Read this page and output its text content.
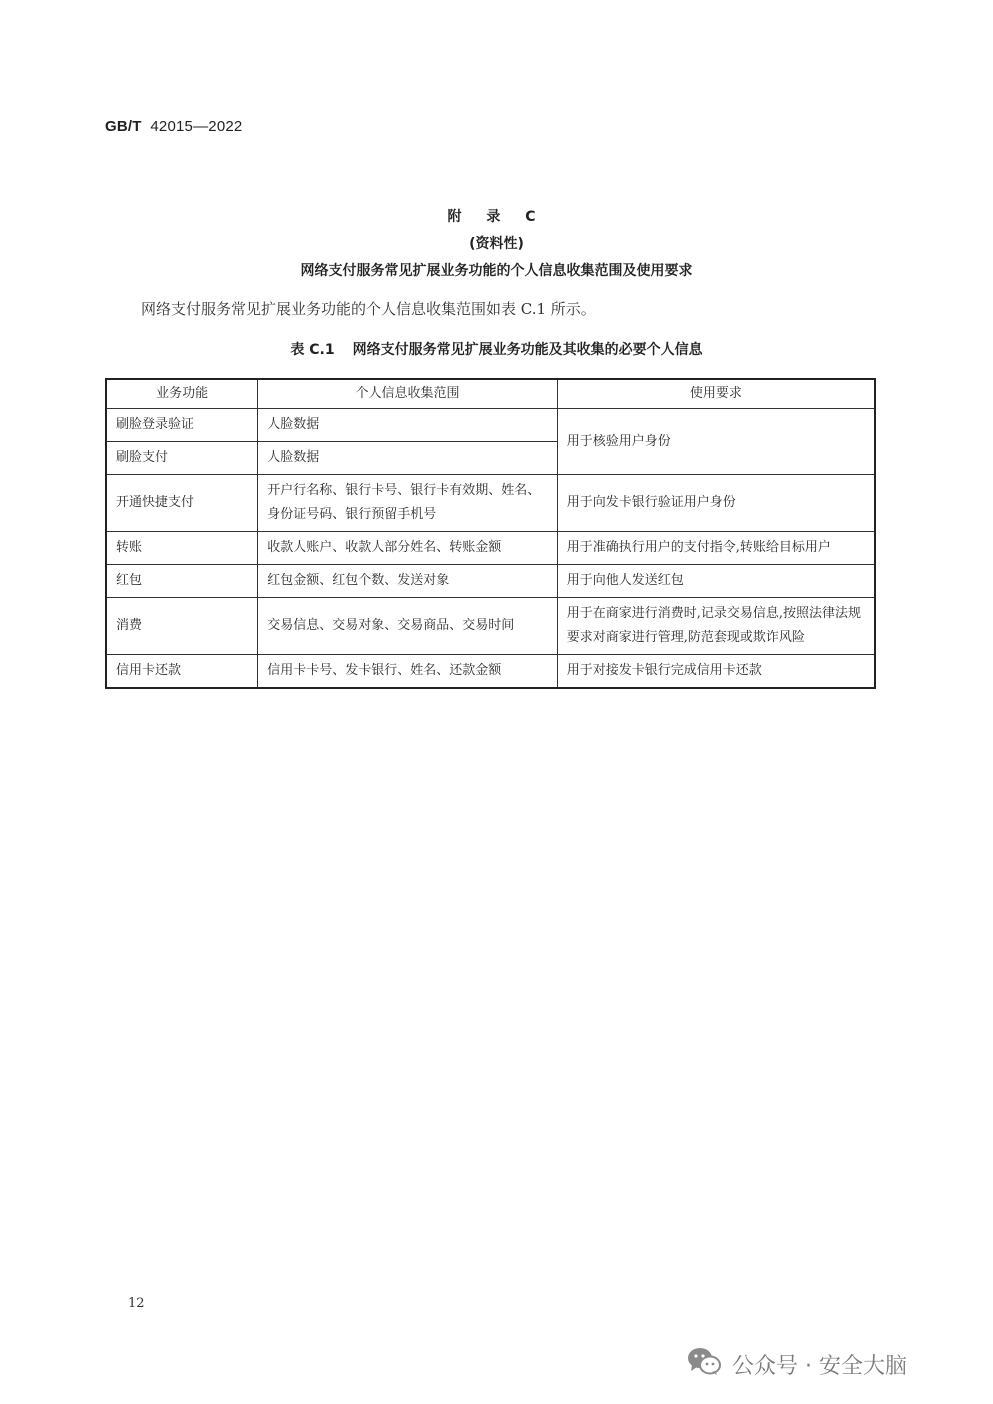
GB/T 42015—2022
附 录 C
(资料性)
网络支付服务常见扩展业务功能的个人信息收集范围及使用要求
网络支付服务常见扩展业务功能的个人信息收集范围如表 C.1 所示。
表 C.1 网络支付服务常见扩展业务功能及其收集的必要个人信息
业务功能	个人信息收集范围	使用要求
刷脸登录验证	人脸数据	用于核验用户身份
刷脸支付	人脸数据	
开通快捷支付	开户行名称、银行卡号、银行卡有效期、姓名、身份证号码、银行预留手机号	用于向发卡银行验证用户身份
转账	收款人账户、收款人部分姓名、转账金额	用于准确执行用户的支付指令,转账给目标用户
红包	红包金额、红包个数、发送对象	用于向他人发送红包
消费	交易信息、交易对象、交易商品、交易时间	用于在商家进行消费时,记录交易信息,按照法律法规要求对商家进行管理,防范套现或欺诈风险
信用卡还款	信用卡卡号、发卡银行、姓名、还款金额	用于对接发卡银行完成信用卡还款
12
公众号 · 安全大脑
